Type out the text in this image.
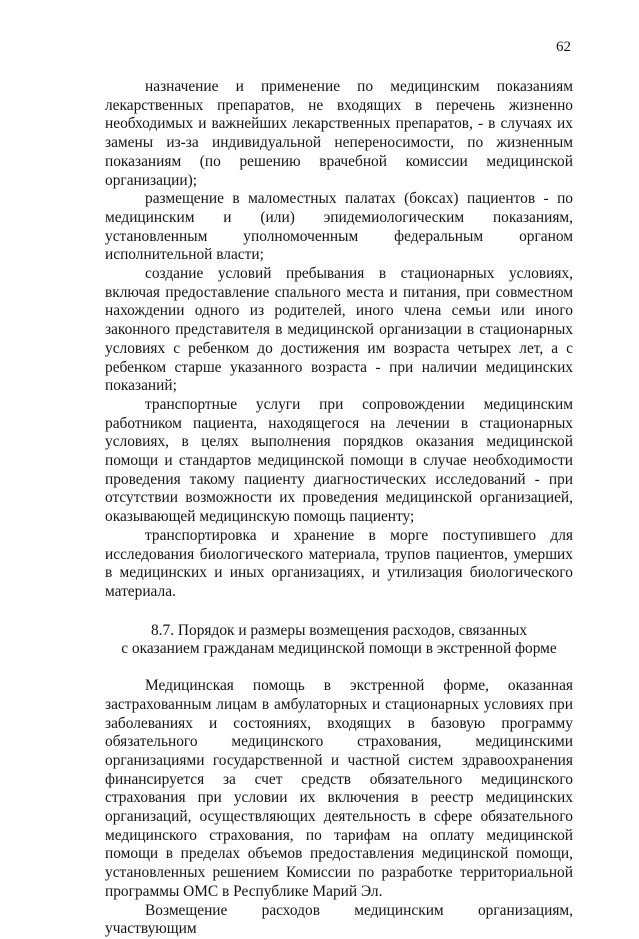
62

назначение и применение по медицинским показаниям лекарственных препаратов, не входящих в перечень жизненно необходимых и важнейших лекарственных препаратов, - в случаях их замены из-за индивидуальной непереносимости, по жизненным показаниям (по решению врачебной комиссии медицинской организации);

размещение в маломестных палатах (боксах) пациентов - по медицинским и (или) эпидемиологическим показаниям, установленным уполномоченным федеральным органом исполнительной власти;

создание условий пребывания в стационарных условиях, включая предоставление спального места и питания, при совместном нахождении одного из родителей, иного члена семьи или иного законного представителя в медицинской организации в стационарных условиях с ребенком до достижения им возраста четырех лет, а с ребенком старше указанного возраста - при наличии медицинских показаний;

транспортные услуги при сопровождении медицинским работником пациента, находящегося на лечении в стационарных условиях, в целях выполнения порядков оказания медицинской помощи и стандартов медицинской помощи в случае необходимости проведения такому пациенту диагностических исследований - при отсутствии возможности их проведения медицинской организацией, оказывающей медицинскую помощь пациенту;

транспортировка и хранение в морге поступившего для исследования биологического материала, трупов пациентов, умерших в медицинских и иных организациях, и утилизация биологического материала.

8.7. Порядок и размеры возмещения расходов, связанных
с оказанием гражданам медицинской помощи в экстренной форме

Медицинская помощь в экстренной форме, оказанная застрахованным лицам в амбулаторных и стационарных условиях при заболеваниях и состояниях, входящих в базовую программу обязательного медицинского страхования, медицинскими организациями государственной и частной систем здравоохранения финансируется за счет средств обязательного медицинского страхования при условии их включения в реестр медицинских организаций, осуществляющих деятельность в сфере обязательного медицинского страхования, по тарифам на оплату медицинской помощи в пределах объемов предоставления медицинской помощи, установленных решением Комиссии по разработке территориальной программы ОМС в Республике Марий Эл.

Возмещение расходов медицинским организациям, участвующим
